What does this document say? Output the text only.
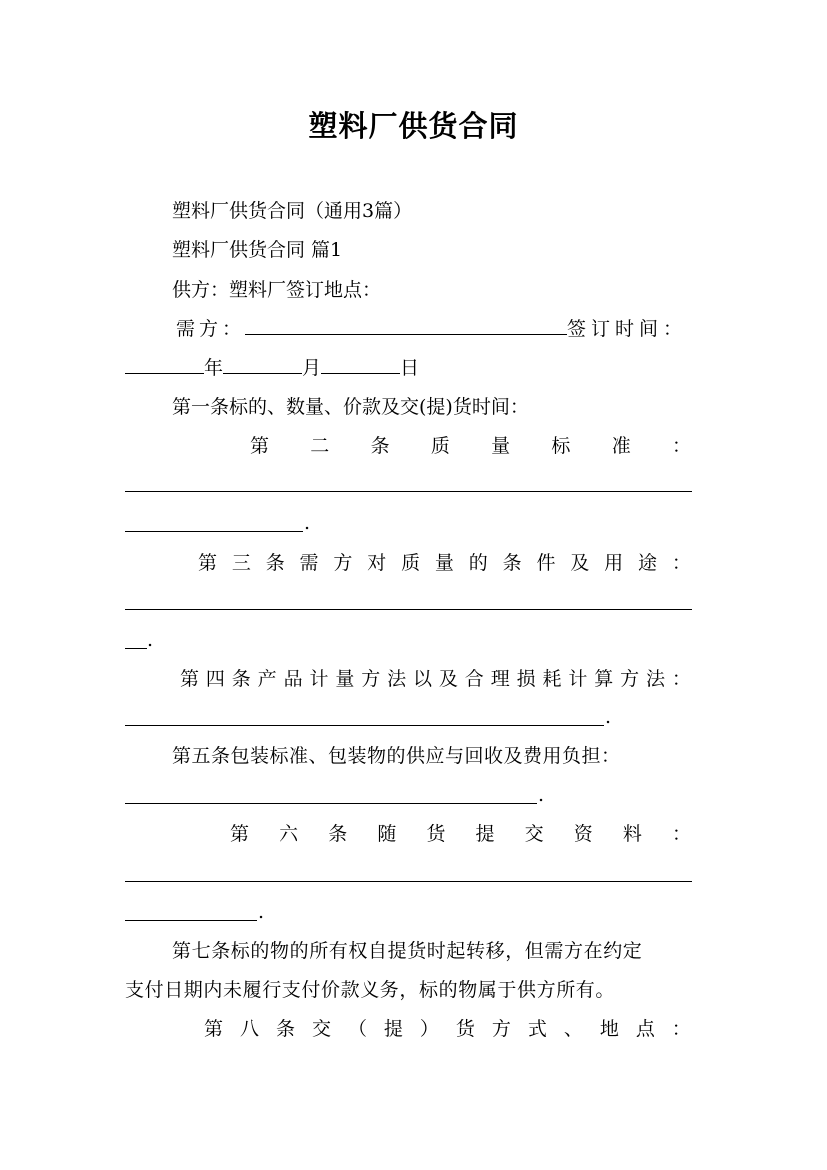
塑料厂供货合同
塑料厂供货合同（通用3篇）
塑料厂供货合同 篇1
供方：塑料厂签订地点：
需方：	签订时间：
年	月	日
第一条标的、数量、价款及交(提)货时间：
第 二 条 质 量 标 准 ：
.
第 三 条 需 方 对 质 量 的 条 件 及 用 途 ：
.
第 四 条 产 品 计 量 方 法 以 及 合 理 损 耗 计 算 方 法 ：
.
第五条包装标准、包装物的供应与回收及费用负担：
.
第 六 条 随 货 提 交 资 料 ：
.
第七条标的物的所有权自提货时起转移，但需方在约定
支付日期内未履行支付价款义务，标的物属于供方所有。
第 八 条 交 （ 提 ） 货 方 式 、 地 点 ：
